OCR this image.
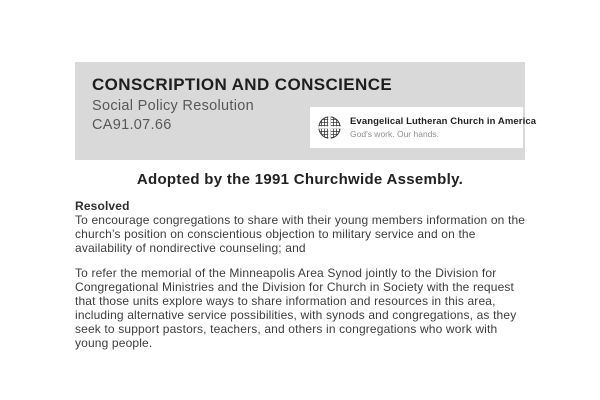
CONSCRIPTION AND CONSCIENCE
Social Policy Resolution
CA91.07.66	Evangelical Lutheran Church in America
God's work. Our hands.
Adopted by the 1991 Churchwide Assembly.
Resolved

To encourage congregations to share with their young members information on the church’s position on conscientious objection to military service and on the availability of nondirective counseling; and

To refer the memorial of the Minneapolis Area Synod jointly to the Division for Congregational Ministries and the Division for Church in Society with the request that those units explore ways to share information and resources in this area, including alternative service possibilities, with synods and congregations, as they seek to support pastors, teachers, and others in congregations who work with young people.
